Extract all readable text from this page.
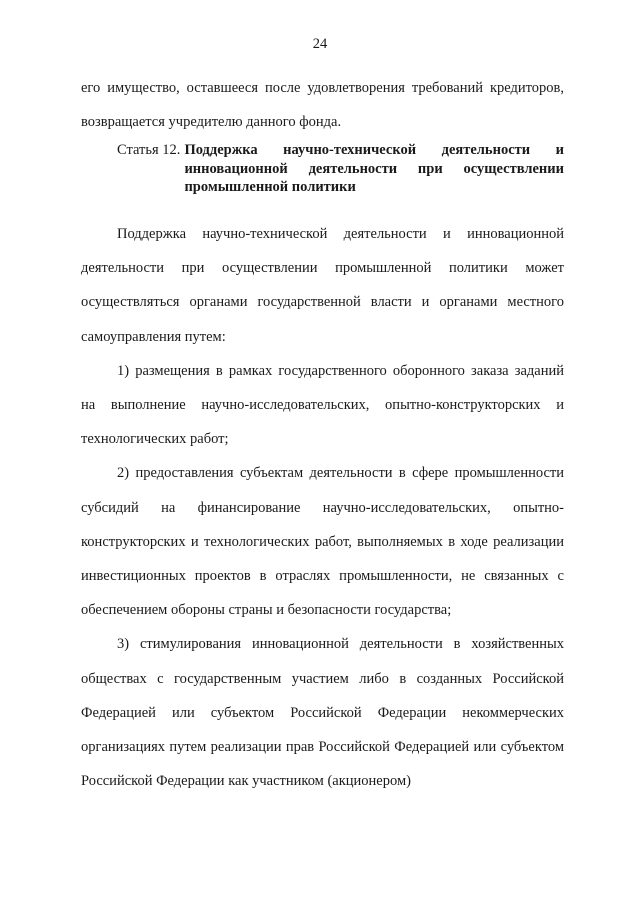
24

его имущество, оставшееся после удовлетворения требований кредиторов, возвращается учредителю данного фонда.

Статья 12. Поддержка научно-технической деятельности и инновационной деятельности при осуществлении промышленной политики

Поддержка научно-технической деятельности и инновационной деятельности при осуществлении промышленной политики может осуществляться органами государственной власти и органами местного самоуправления путем:

1) размещения в рамках государственного оборонного заказа заданий на выполнение научно-исследовательских, опытно-конструкторских и технологических работ;

2) предоставления субъектам деятельности в сфере промышленности субсидий на финансирование научно-исследовательских, опытно-конструкторских и технологических работ, выполняемых в ходе реализации инвестиционных проектов в отраслях промышленности, не связанных с обеспечением обороны страны и безопасности государства;

3) стимулирования инновационной деятельности в хозяйственных обществах с государственным участием либо в созданных Российской Федерацией или субъектом Российской Федерации некоммерческих организациях путем реализации прав Российской Федерацией или субъектом Российской Федерации как участником (акционером)
